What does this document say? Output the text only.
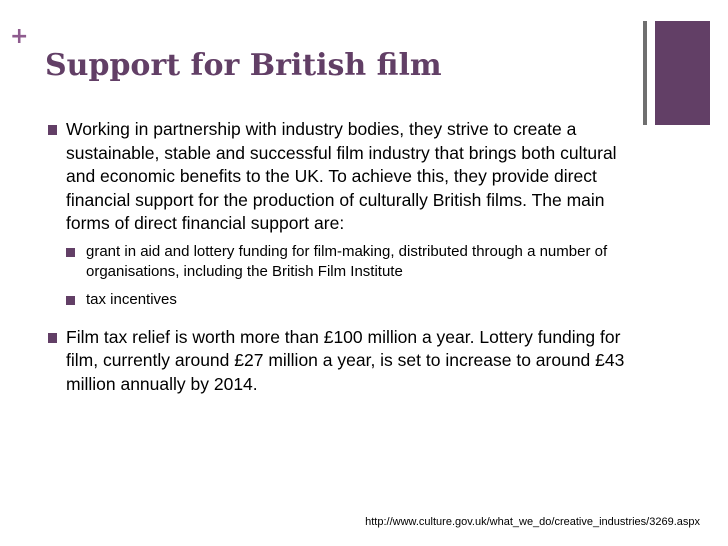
+
Support for British film
Working in partnership with industry bodies, they strive to create a sustainable, stable and successful film industry that brings both cultural and economic benefits to the UK. To achieve this, they provide direct financial support for the production of culturally British films. The main forms of direct financial support are:
grant in aid and lottery funding for film-making, distributed through a number of organisations, including the British Film Institute
tax incentives
Film tax relief is worth more than £100 million a year. Lottery funding for film, currently around £27 million a year, is set to increase to around £43 million annually by 2014.
http://www.culture.gov.uk/what_we_do/creative_industries/3269.aspx
